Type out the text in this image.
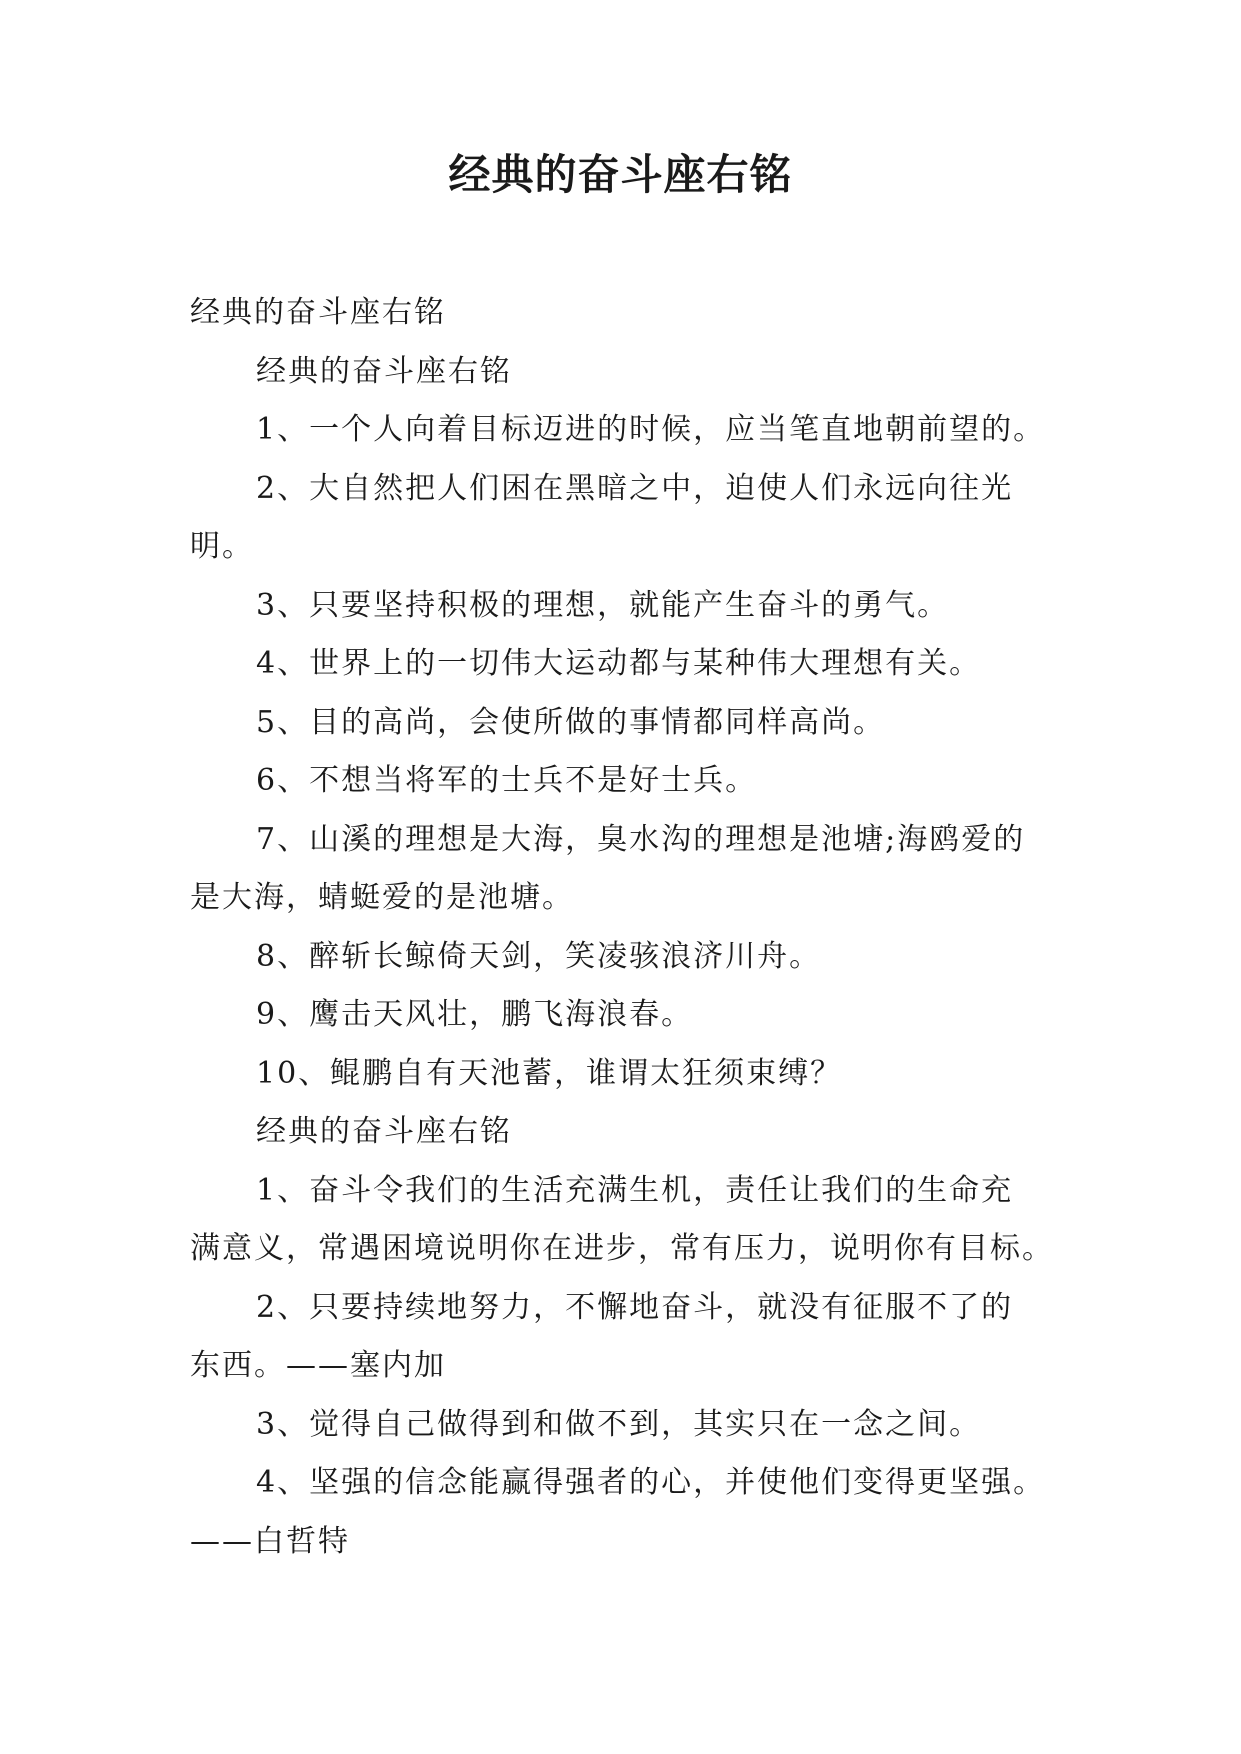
经典的奋斗座右铭

经典的奋斗座右铭

经典的奋斗座右铭

1、一个人向着目标迈进的时候，应当笔直地朝前望的。

2、大自然把人们困在黑暗之中，迫使人们永远向往光

明。

3、只要坚持积极的理想，就能产生奋斗的勇气。

4、世界上的一切伟大运动都与某种伟大理想有关。

5、目的高尚，会使所做的事情都同样高尚。

6、不想当将军的士兵不是好士兵。

7、山溪的理想是大海，臭水沟的理想是池塘;海鸥爱的

是大海，蜻蜓爱的是池塘。

8、醉斩长鲸倚天剑，笑凌骇浪济川舟。

9、鹰击天风壮，鹏飞海浪春。

10、鲲鹏自有天池蓄，谁谓太狂须束缚？

经典的奋斗座右铭

1、奋斗令我们的生活充满生机，责任让我们的生命充

满意义，常遇困境说明你在进步，常有压力，说明你有目标。

2、只要持续地努力，不懈地奋斗，就没有征服不了的

东西。——塞内加

3、觉得自己做得到和做不到，其实只在一念之间。

4、坚强的信念能赢得强者的心，并使他们变得更坚强。

——白哲特
